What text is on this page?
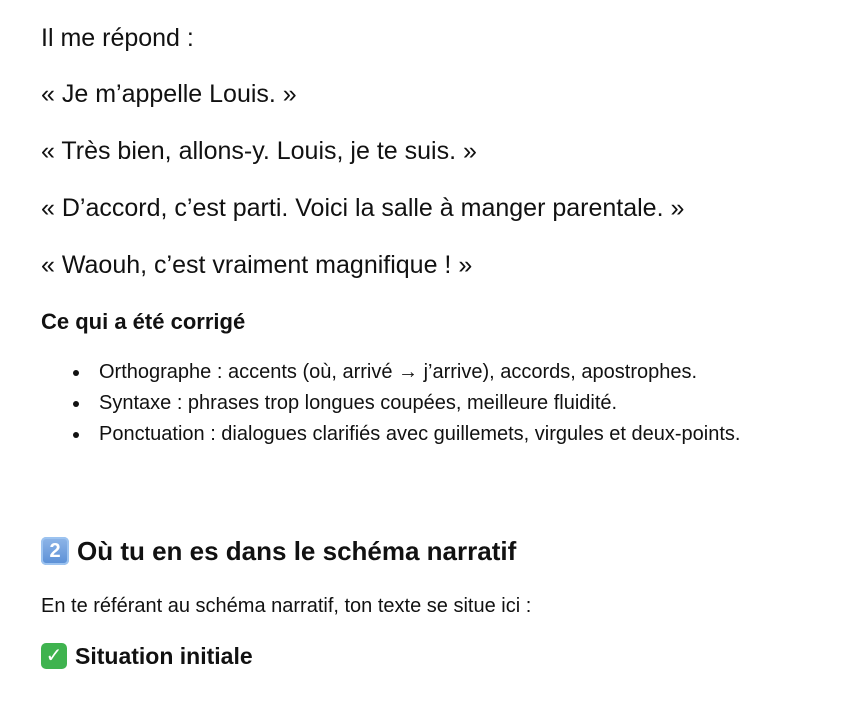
Il me répond :

« Je m’appelle Louis. »

« Très bien, allons-y. Louis, je te suis. »

« D’accord, c’est parti. Voici la salle à manger parentale. »

« Waouh, c’est vraiment magnifique ! »

Ce qui a été corrigé
Orthographe : accents (où, arrivé → j’arrive), accords, apostrophes.
Syntaxe : phrases trop longues coupées, meilleure fluidité.
Ponctuation : dialogues clarifiés avec guillemets, virgules et deux-points.
2 Où tu en es dans le schéma narratif
En te référant au schéma narratif, ton texte se situe ici :
✓ Situation initiale
